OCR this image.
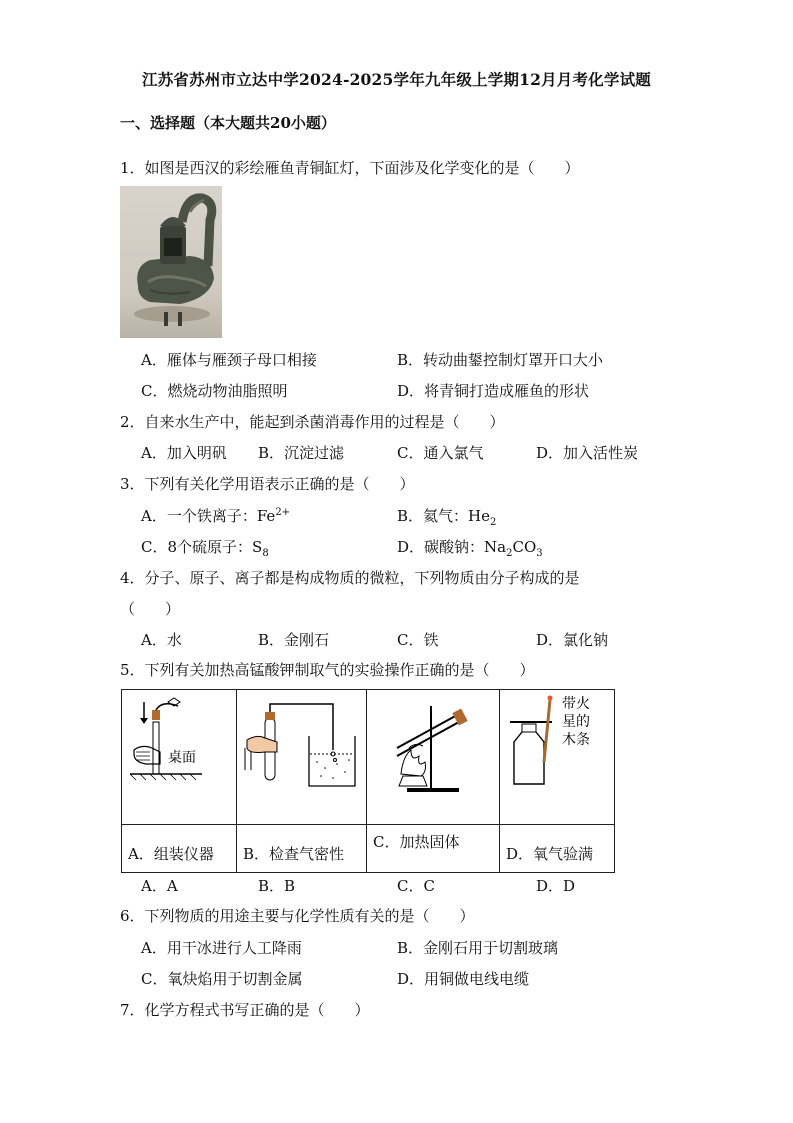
江苏省苏州市立达中学2024-2025学年九年级上学期12月月考化学试题
一、选择题（本大题共20小题）
1．如图是西汉的彩绘雁鱼青铜缸灯，下面涉及化学变化的是（　　）
A．雁体与雁颈子母口相接	B．转动曲鋬控制灯罩开口大小
C．燃烧动物油脂照明	D．将青铜打造成雁鱼的形状
2．自来水生产中，能起到杀菌消毒作用的过程是（　　）
A．加入明矾 B．沉淀过滤	C．通入氯气	D．加入活性炭
3．下列有关化学用语表示正确的是（　　）
A．一个铁离子：$Fe^{2+}$	B．氦气：$He_2$
C．8个硫原子：$S_8$	D．碳酸钠：$Na_2CO_3$
4．分子、原子、离子都是构成物质的微粒，下列物质由分子构成的是
（　　）
A．水	B．金刚石	C．铁	D．氯化钠
5．下列有关加热高锰酸钾制取气的实验操作正确的是（　　）
桌面			带火
星的
木条

A．组装仪器	B．检查气密性	C．加热固体	D．氧气验满
A．A	B．B	C．C	D．D
6．下列物质的用途主要与化学性质有关的是（　　）
A．用干冰进行人工降雨	B．金刚石用于切割玻璃
C．氧炔焰用于切割金属	D．用铜做电线电缆
7．化学方程式书写正确的是（　　）
